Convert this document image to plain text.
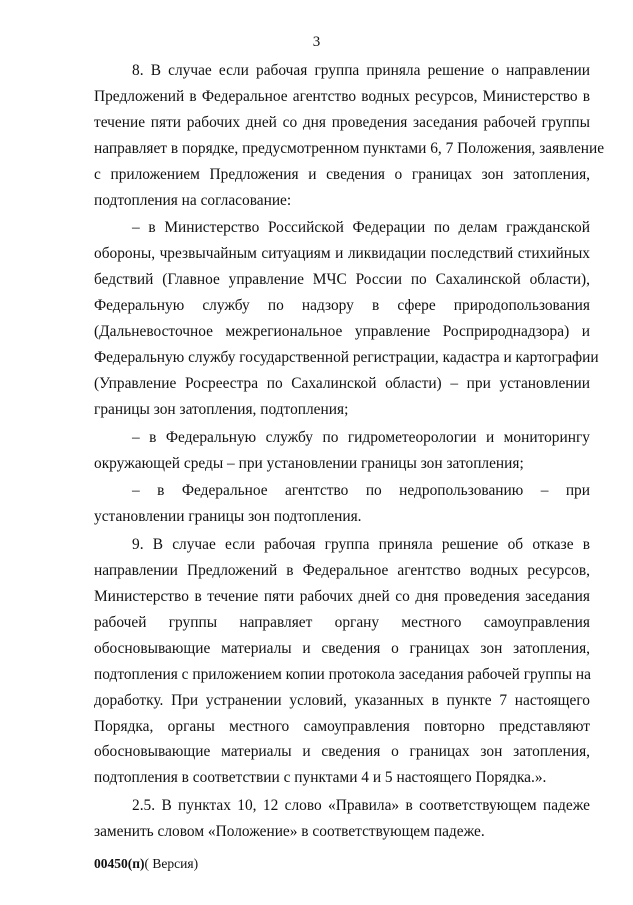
3
8. В случае если рабочая группа приняла решение о направлении
Предложений в Федеральное агентство водных ресурсов, Министерство в
течение пяти рабочих дней со дня проведения заседания рабочей группы
направляет в порядке, предусмотренном пунктами 6, 7 Положения, заявление
с приложением Предложения и сведения о границах зон затопления,
подтопления на согласование:
– в Министерство Российской Федерации по делам гражданской
обороны, чрезвычайным ситуациям и ликвидации последствий стихийных
бедствий (Главное управление МЧС России по Сахалинской области),
Федеральную службу по надзору в сфере природопользования
(Дальневосточное межрегиональное управление Росприроднадзора) и
Федеральную службу государственной регистрации, кадастра и картографии
(Управление Росреестра по Сахалинской области) – при установлении
границы зон затопления, подтопления;
– в Федеральную службу по гидрометеорологии и мониторингу
окружающей среды – при установлении границы зон затопления;
– в Федеральное агентство по недропользованию – при
установлении границы зон подтопления.
9. В случае если рабочая группа приняла решение об отказе в
направлении Предложений в Федеральное агентство водных ресурсов,
Министерство в течение пяти рабочих дней со дня проведения заседания
рабочей группы направляет органу местного самоуправления
обосновывающие материалы и сведения о границах зон затопления,
подтопления с приложением копии протокола заседания рабочей группы на
доработку. При устранении условий, указанных в пункте 7 настоящего
Порядка, органы местного самоуправления повторно представляют
обосновывающие материалы и сведения о границах зон затопления,
подтопления в соответствии с пунктами 4 и 5 настоящего Порядка.».
2.5. В пунктах 10, 12 слово «Правила» в соответствующем падеже
заменить словом «Положение» в соответствующем падеже.
00450(п)( Версия)
